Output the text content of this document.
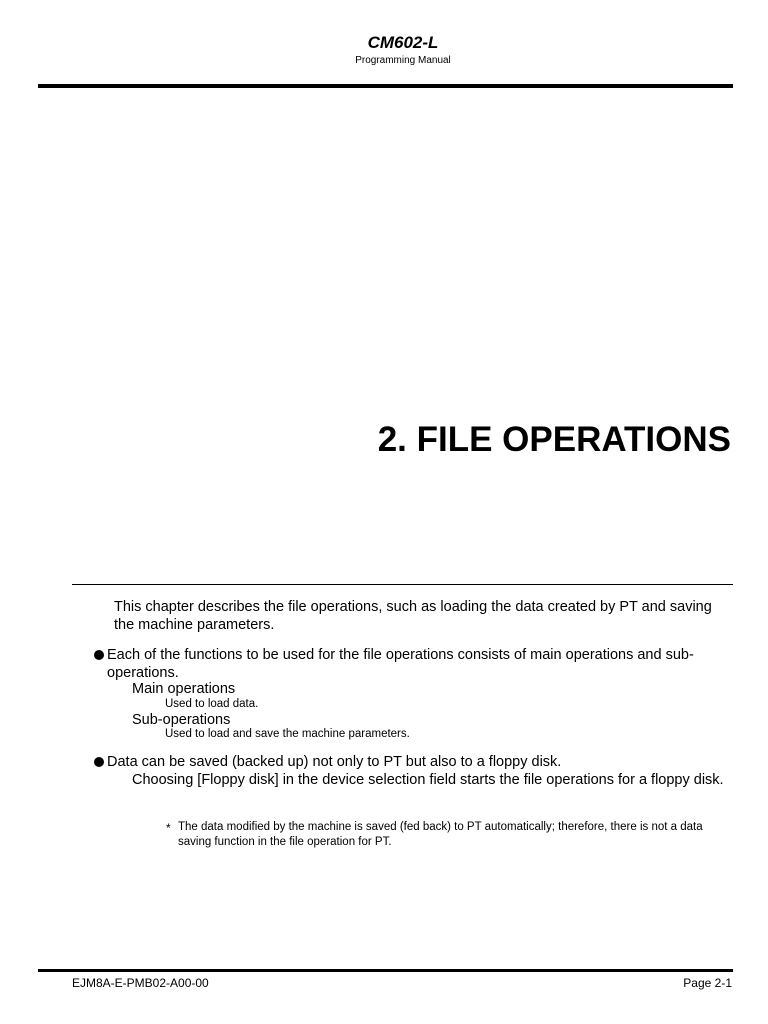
CM602-L
Programming Manual
2. FILE OPERATIONS
This chapter describes the file operations, such as loading the data created by PT and saving the machine parameters.
Each of the functions to be used for the file operations consists of main operations and sub-operations.
Main operations
Used to load data.
Sub-operations
Used to load and save the machine parameters.
Data can be saved (backed up) not only to PT but also to a floppy disk.
Choosing [Floppy disk] in the device selection field starts the file operations for a floppy disk.
* The data modified by the machine is saved (fed back) to PT automatically; therefore, there is not a data saving function in the file operation for PT.
EJM8A-E-PMB02-A00-00	Page 2-1
